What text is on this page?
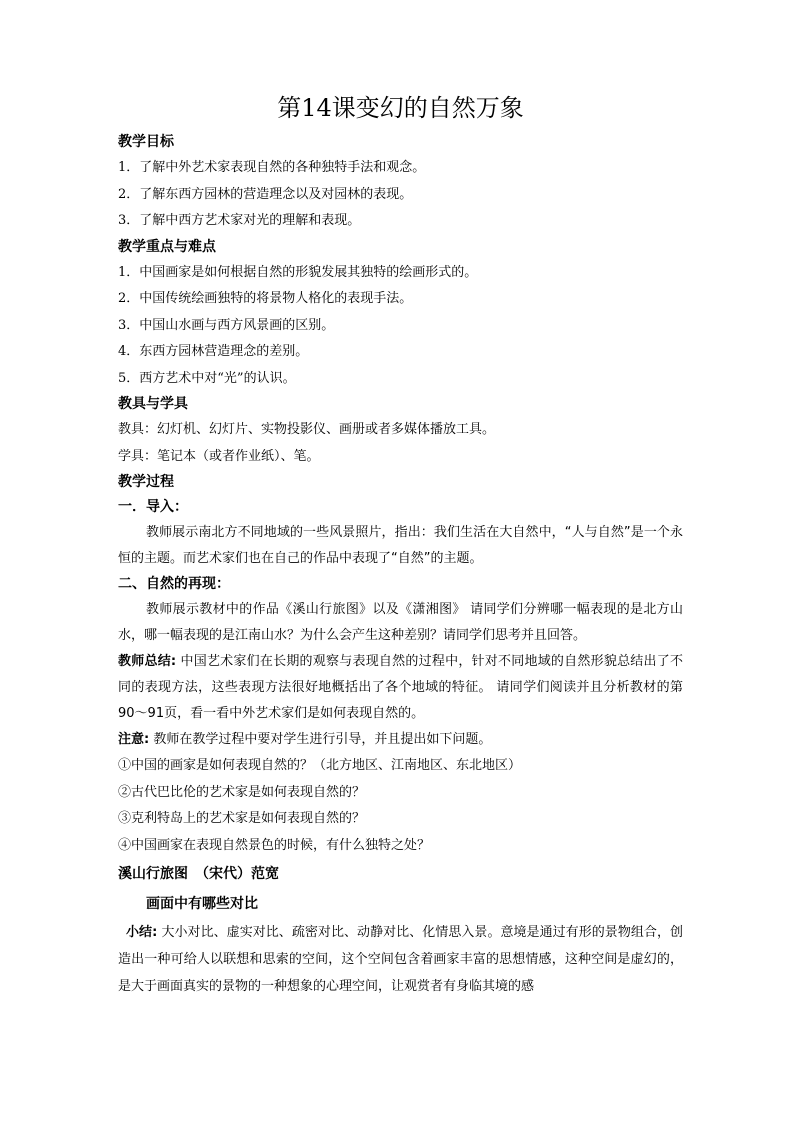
第14课变幻的自然万象

教学目标

1．了解中外艺术家表现自然的各种独特手法和观念。

2．了解东西方园林的营造理念以及对园林的表现。

3．了解中西方艺术家对光的理解和表现。

教学重点与难点

1．中国画家是如何根据自然的形貌发展其独特的绘画形式的。

2．中国传统绘画独特的将景物人格化的表现手法。

3．中国山水画与西方风景画的区别。

4．东西方园林营造理念的差别。

5．西方艺术中对“光”的认识。

教具与学具

教具：幻灯机、幻灯片、实物投影仪、画册或者多媒体播放工具。

学具：笔记本（或者作业纸）、笔。

教学过程

一．导入：

教师展示南北方不同地域的一些风景照片，指出：我们生活在大自然中，“人与自然”是一个永恒的主题。而艺术家们也在自己的作品中表现了“自然”的主题。

二、自然的再现：

教师展示教材中的作品《溪山行旅图》以及《潇湘图》 请同学们分辨哪一幅表现的是北方山水，哪一幅表现的是江南山水？为什么会产生这种差别？请同学们思考并且回答。

教师总结: 中国艺术家们在长期的观察与表现自然的过程中，针对不同地域的自然形貌总结出了不同的表现方法，这些表现方法很好地概括出了各个地域的特征。 请同学们阅读并且分析教材的第90～91页，看一看中外艺术家们是如何表现自然的。

注意: 教师在教学过程中要对学生进行引导，并且提出如下问题。

①中国的画家是如何表现自然的？（北方地区、江南地区、东北地区）

②古代巴比伦的艺术家是如何表现自然的？

③克利特岛上的艺术家是如何表现自然的？

④中国画家在表现自然景色的时候，有什么独特之处？

溪山行旅图　（宋代）范宽

画面中有哪些对比

小结: 大小对比、虚实对比、疏密对比、动静对比、化情思入景。意境是通过有形的景物组合，创造出一种可给人以联想和思索的空间，这个空间包含着画家丰富的思想情感，这种空间是虚幻的，是大于画面真实的景物的一种想象的心理空间，让观赏者有身临其境的感
